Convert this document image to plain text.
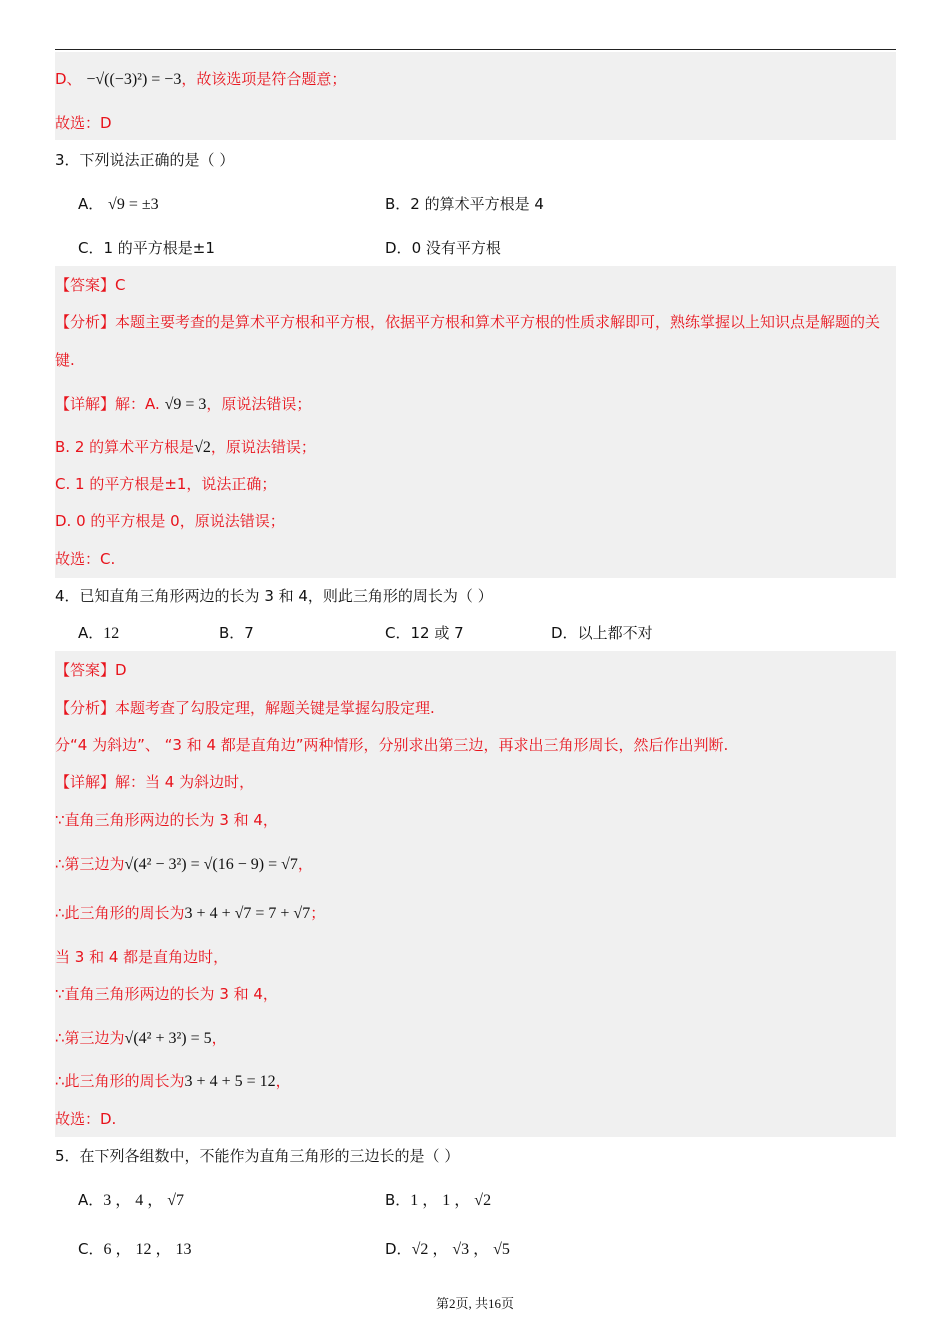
D、 −√((−3)²) = −3，故该选项是符合题意；
故选：D
3．下列说法正确的是（ ）
A． √9 = ±3	B．2 的算术平方根是 4
C．1 的平方根是±1	D．0 没有平方根
【答案】C
【分析】本题主要考查的是算术平方根和平方根，依据平方根和算术平方根的性质求解即可，熟练掌握以上知识点是解题的关键.
【详解】解：A. √9 = 3，原说法错误；
B. 2 的算术平方根是√2，原说法错误；
C. 1 的平方根是±1，说法正确；
D. 0 的平方根是 0，原说法错误；
故选：C.
4．已知直角三角形两边的长为 3 和 4，则此三角形的周长为（ ）
A．12	B．7	C．12 或 7	D．以上都不对
【答案】D
【分析】本题考查了勾股定理，解题关键是掌握勾股定理.
分“4 为斜边”、 “3 和 4 都是直角边”两种情形，分别求出第三边，再求出三角形周长，然后作出判断.
【详解】解：当 4 为斜边时，
∵直角三角形两边的长为 3 和 4，
∴第三边为√(4² − 3²) = √(16 − 9) = √7，
∴此三角形的周长为3 + 4 + √7 = 7 + √7；
当 3 和 4 都是直角边时，
∵直角三角形两边的长为 3 和 4，
∴第三边为√(4² + 3²) = 5，
∴此三角形的周长为3 + 4 + 5 = 12，
故选：D.
5．在下列各组数中，不能作为直角三角形的三边长的是（ ）
A．3 ， 4 ， √7	B．1 ， 1 ， √2
C．6 ， 12 ， 13	D．√2 ， √3 ， √5
第2页, 共16页
